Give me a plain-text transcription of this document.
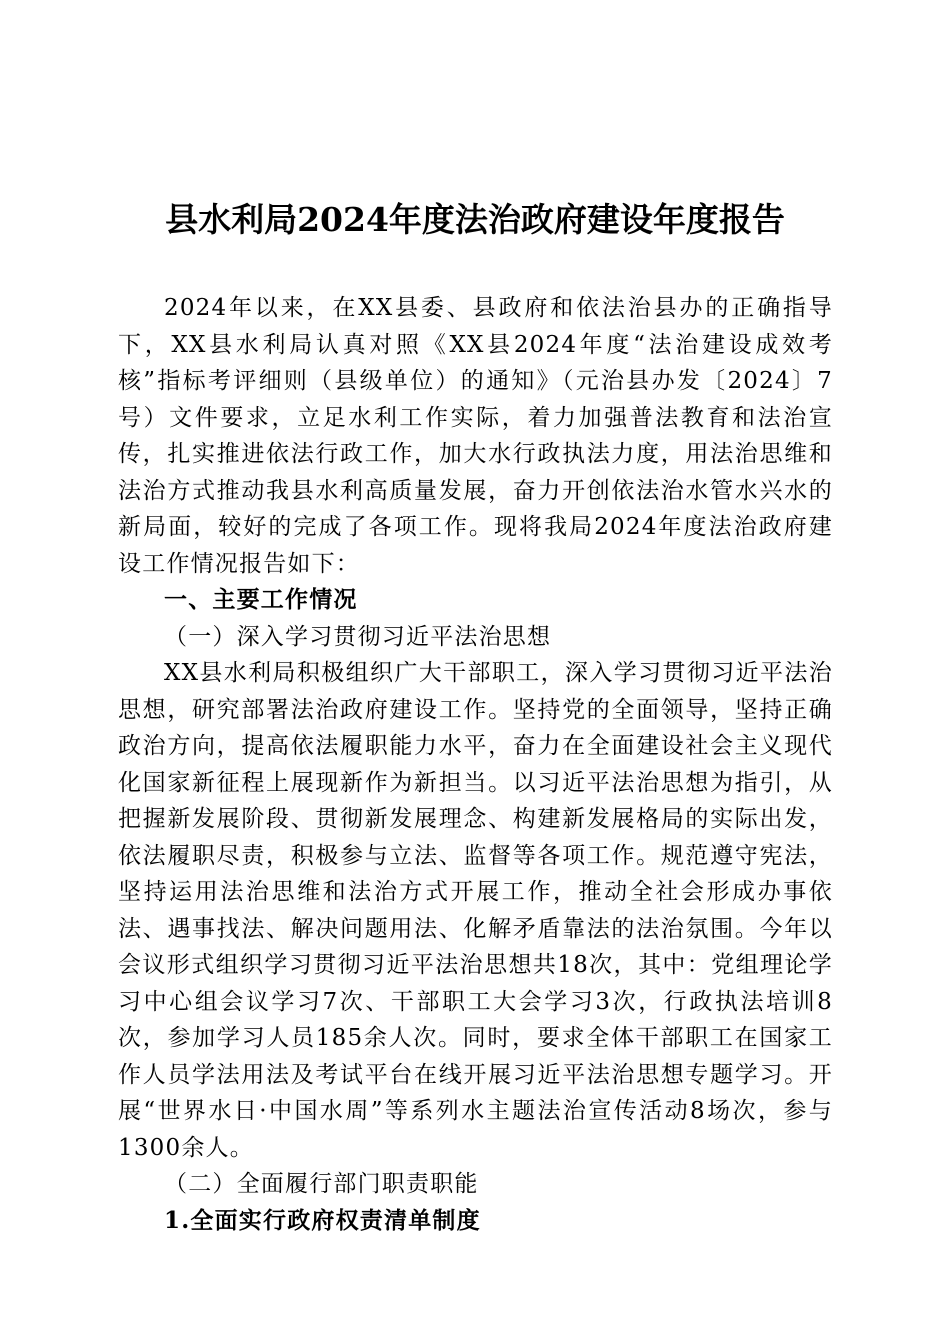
县水利局2024年度法治政府建设年度报告

2024年以来，在XX县委、县政府和依法治县办的正确指导下，XX县水利局认真对照《XX县2024年度“法治建设成效考核”指标考评细则（县级单位）的通知》（元治县办发〔2024〕7号）文件要求，立足水利工作实际，着力加强普法教育和法治宣传，扎实推进依法行政工作，加大水行政执法力度，用法治思维和法治方式推动我县水利高质量发展，奋力开创依法治水管水兴水的新局面，较好的完成了各项工作。现将我局2024年度法治政府建设工作情况报告如下：

一、主要工作情况

（一）深入学习贯彻习近平法治思想

XX县水利局积极组织广大干部职工，深入学习贯彻习近平法治思想，研究部署法治政府建设工作。坚持党的全面领导，坚持正确政治方向，提高依法履职能力水平，奋力在全面建设社会主义现代化国家新征程上展现新作为新担当。以习近平法治思想为指引，从把握新发展阶段、贯彻新发展理念、构建新发展格局的实际出发，依法履职尽责，积极参与立法、监督等各项工作。规范遵守宪法，坚持运用法治思维和法治方式开展工作，推动全社会形成办事依法、遇事找法、解决问题用法、化解矛盾靠法的法治氛围。今年以会议形式组织学习贯彻习近平法治思想共18次，其中：党组理论学习中心组会议学习7次、干部职工大会学习3次，行政执法培训8次，参加学习人员185余人次。同时，要求全体干部职工在国家工作人员学法用法及考试平台在线开展习近平法治思想专题学习。开展“世界水日·中国水周”等系列水主题法治宣传活动8场次，参与1300余人。

（二）全面履行部门职责职能

1.全面实行政府权责清单制度
